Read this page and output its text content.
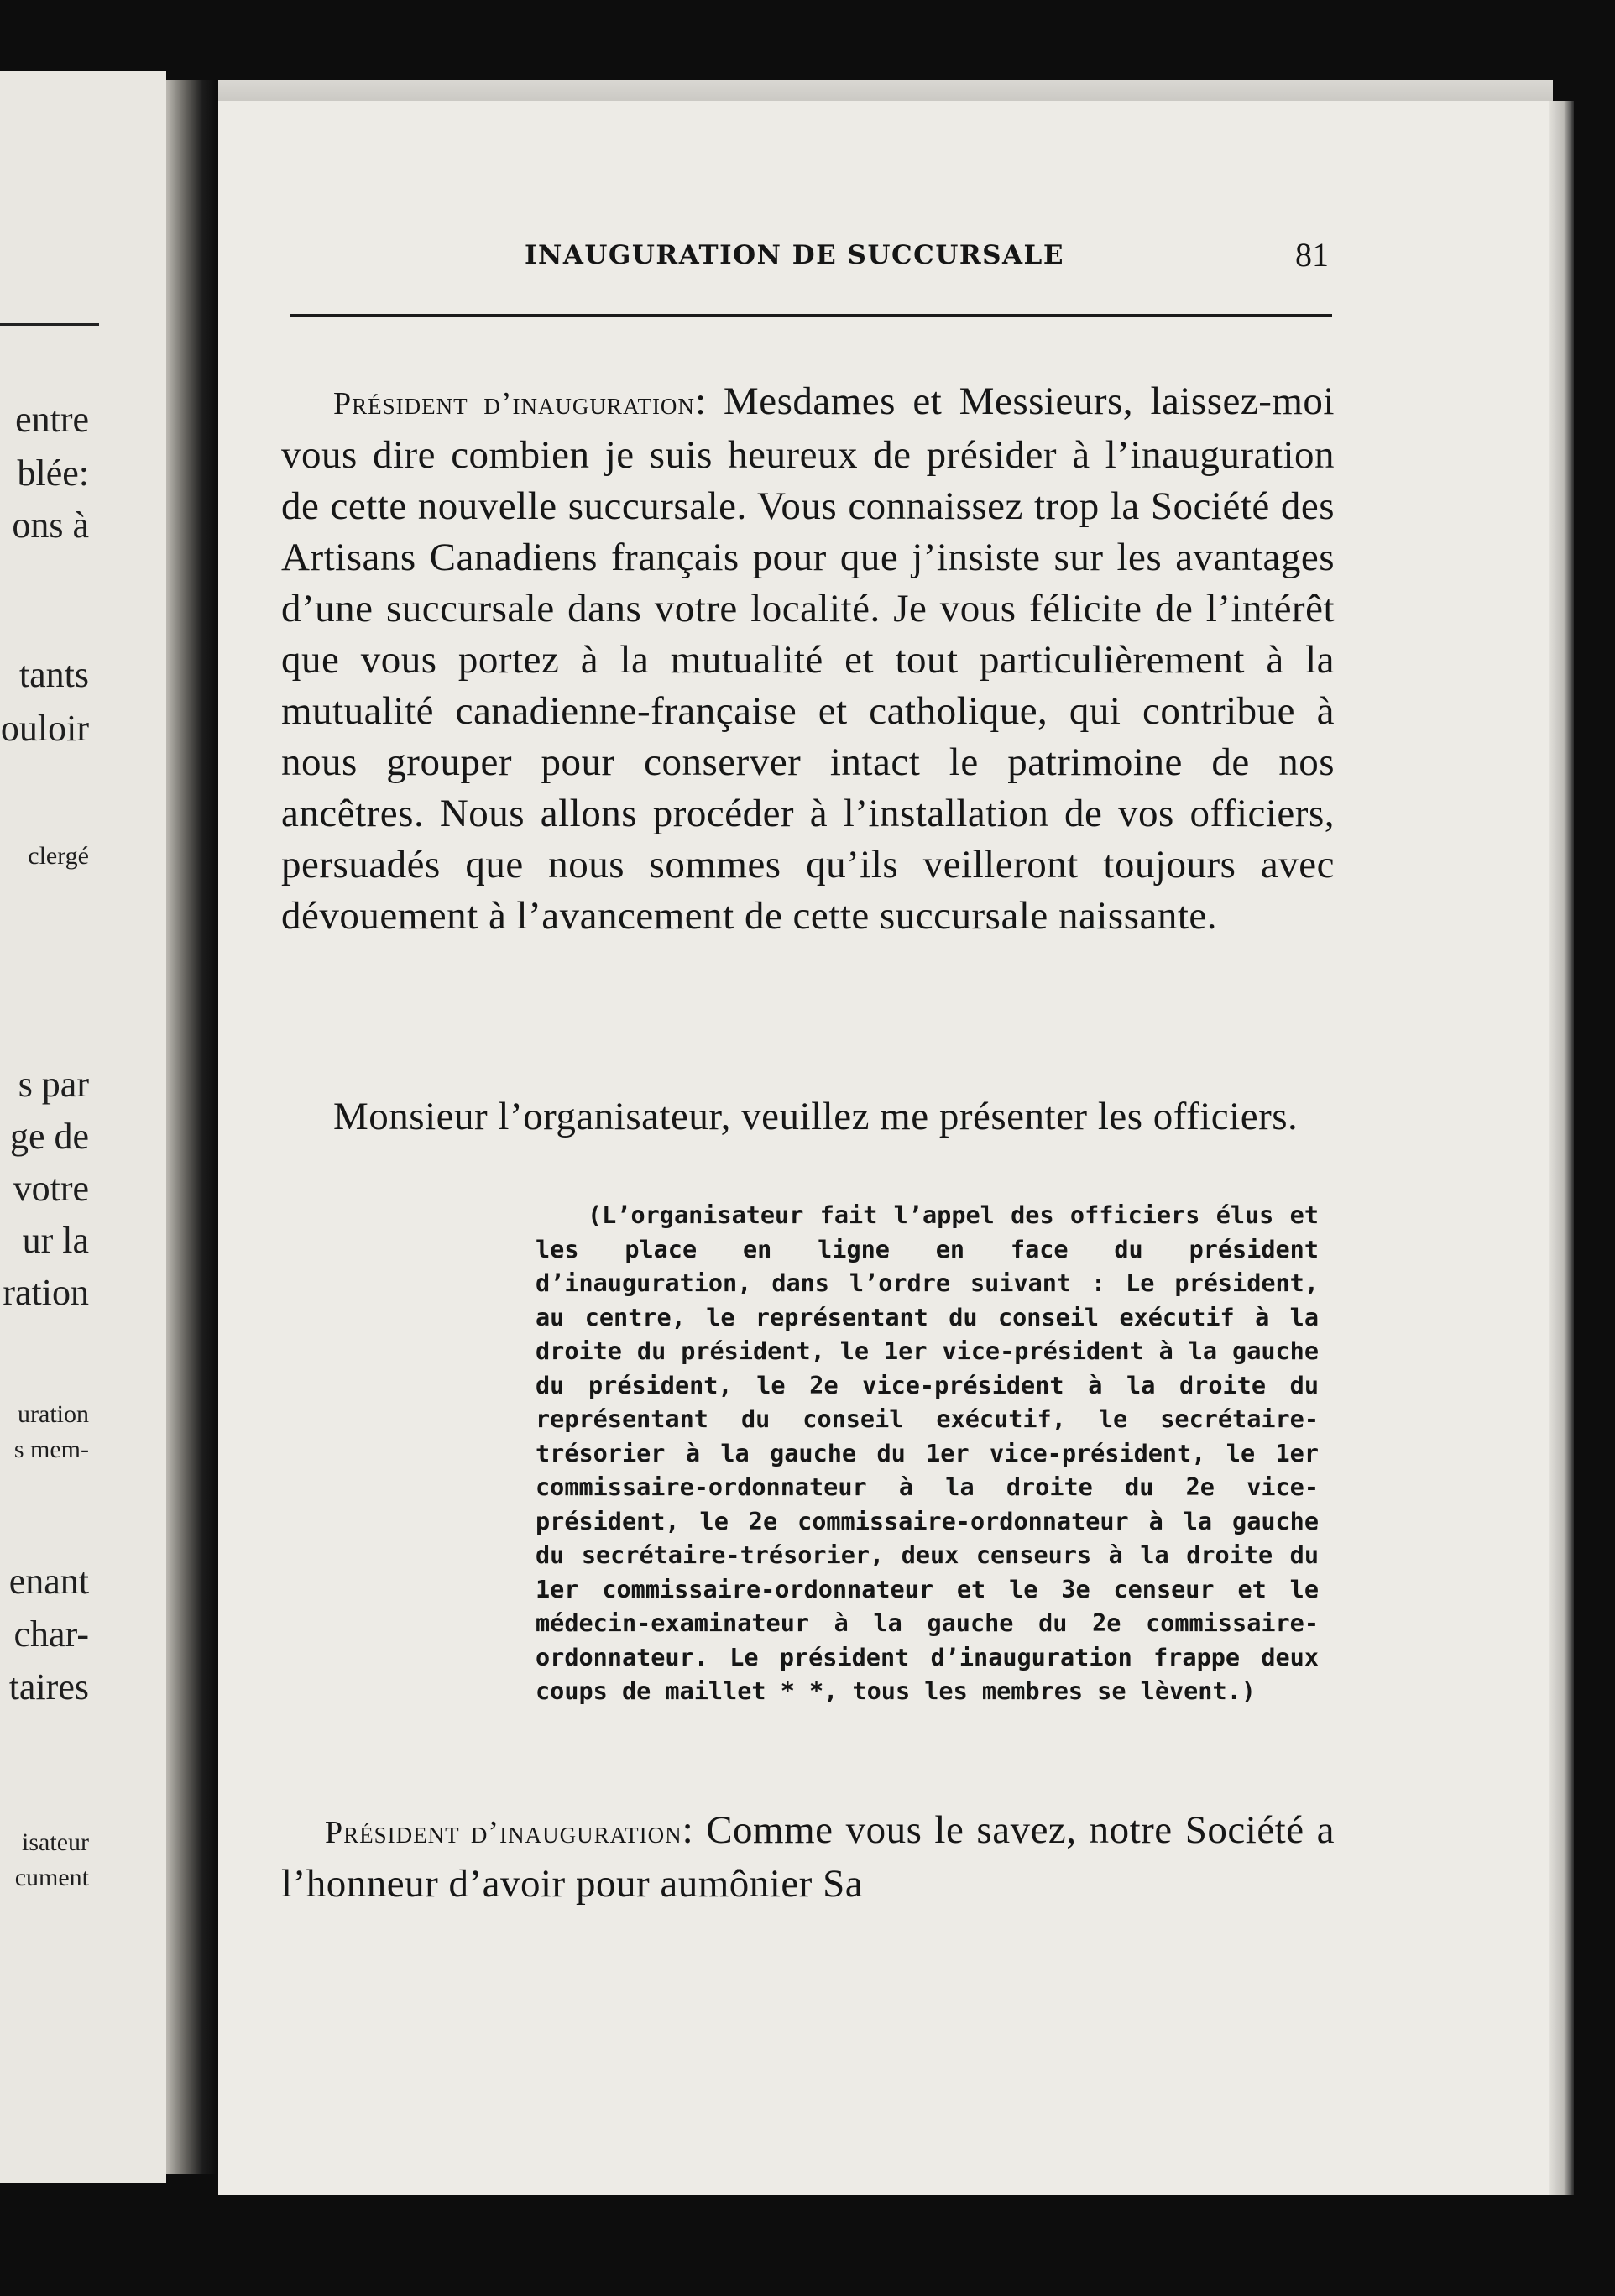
entre
blée:
ons à
tants
ouloir
clergé
s par
ge de
votre
ur la
ration
uration
s mem-
enant
char-
taires
isateur
cument
INAUGURATION DE SUCCURSALE	81

Président d’inauguration: Mesdames et Messieurs, laissez-moi vous dire combien je suis heureux de présider à l’inauguration de cette nouvelle succursale. Vous connaissez trop la Société des Artisans Canadiens français pour que j’insiste sur les avantages d’une succursale dans votre localité. Je vous félicite de l’intérêt que vous portez à la mutualité et tout particulièrement à la mutualité canadienne-française et catholique, qui contribue à nous grouper pour conserver intact le patrimoine de nos ancêtres. Nous allons procéder à l’installation de vos officiers, persuadés que nous sommes qu’ils veilleront toujours avec dévouement à l’avancement de cette succursale naissante.

Monsieur l’organisateur, veuillez me présenter les officiers.

(L’organisateur fait l’appel des officiers élus et les place en ligne en face du président d’inauguration, dans l’ordre suivant : Le président, au centre, le représentant du conseil exécutif à la droite du président, le 1er vice-président à la gauche du président, le 2e vice-président à la droite du représentant du conseil exécutif, le secrétaire-trésorier à la gauche du 1er vice-président, le 1er commissaire-ordonnateur à la droite du 2e vice-président, le 2e commissaire-ordonnateur à la gauche du secrétaire-trésorier, deux censeurs à la droite du 1er commissaire-ordonnateur et le 3e censeur et le médecin-examinateur à la gauche du 2e commissaire-ordonnateur. Le président d’inauguration frappe deux coups de maillet * *, tous les membres se lèvent.)

Président d’inauguration: Comme vous le savez, notre Société a l’honneur d’avoir pour aumônier Sa
